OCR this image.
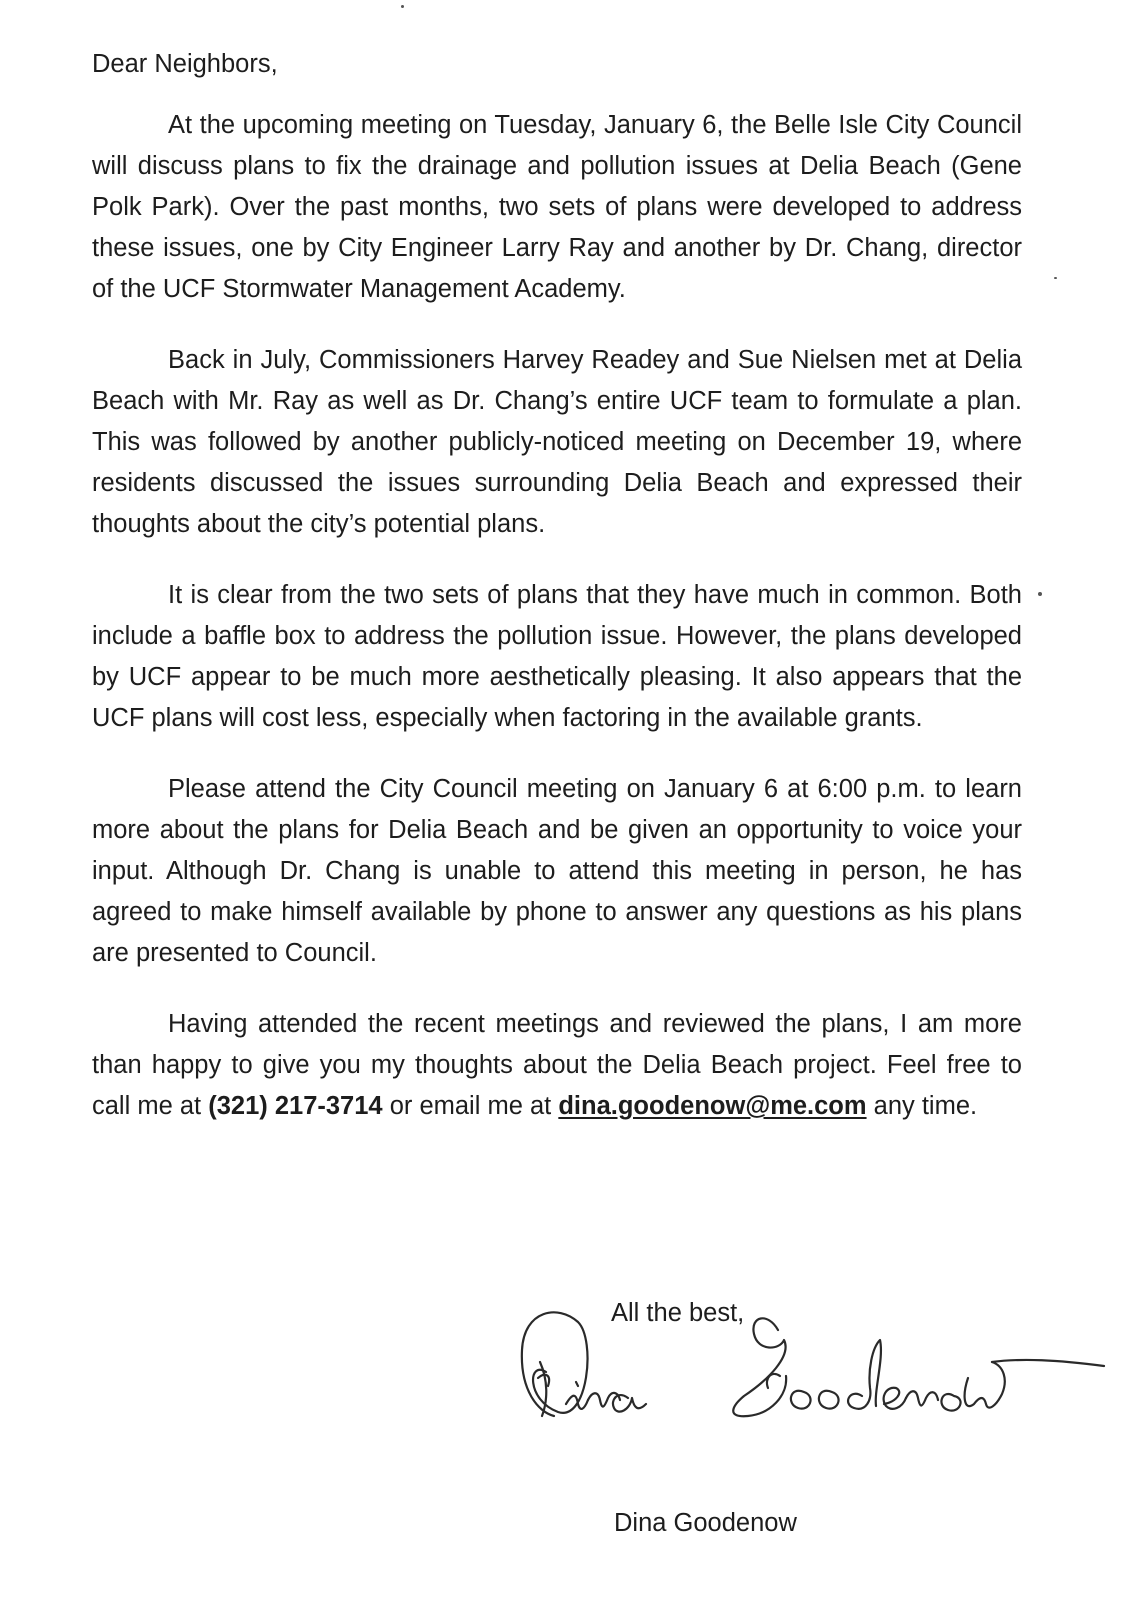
Dear Neighbors,

At the upcoming meeting on Tuesday, January 6, the Belle Isle City Council will discuss plans to fix the drainage and pollution issues at Delia Beach (Gene Polk Park). Over the past months, two sets of plans were developed to address these issues, one by City Engineer Larry Ray and another by Dr. Chang, director of the UCF Stormwater Management Academy.

Back in July, Commissioners Harvey Readey and Sue Nielsen met at Delia Beach with Mr. Ray as well as Dr. Chang’s entire UCF team to formulate a plan. This was followed by another publicly-noticed meeting on December 19, where residents discussed the issues surrounding Delia Beach and expressed their thoughts about the city’s potential plans.

It is clear from the two sets of plans that they have much in common. Both include a baffle box to address the pollution issue. However, the plans developed by UCF appear to be much more aesthetically pleasing. It also appears that the UCF plans will cost less, especially when factoring in the available grants.

Please attend the City Council meeting on January 6 at 6:00 p.m. to learn more about the plans for Delia Beach and be given an opportunity to voice your input. Although Dr. Chang is unable to attend this meeting in person, he has agreed to make himself available by phone to answer any questions as his plans are presented to Council.

Having attended the recent meetings and reviewed the plans, I am more than happy to give you my thoughts about the Delia Beach project. Feel free to call me at (321) 217-3714 or email me at dina.goodenow@me.com any time.

All the best,
Dina Goodenow
